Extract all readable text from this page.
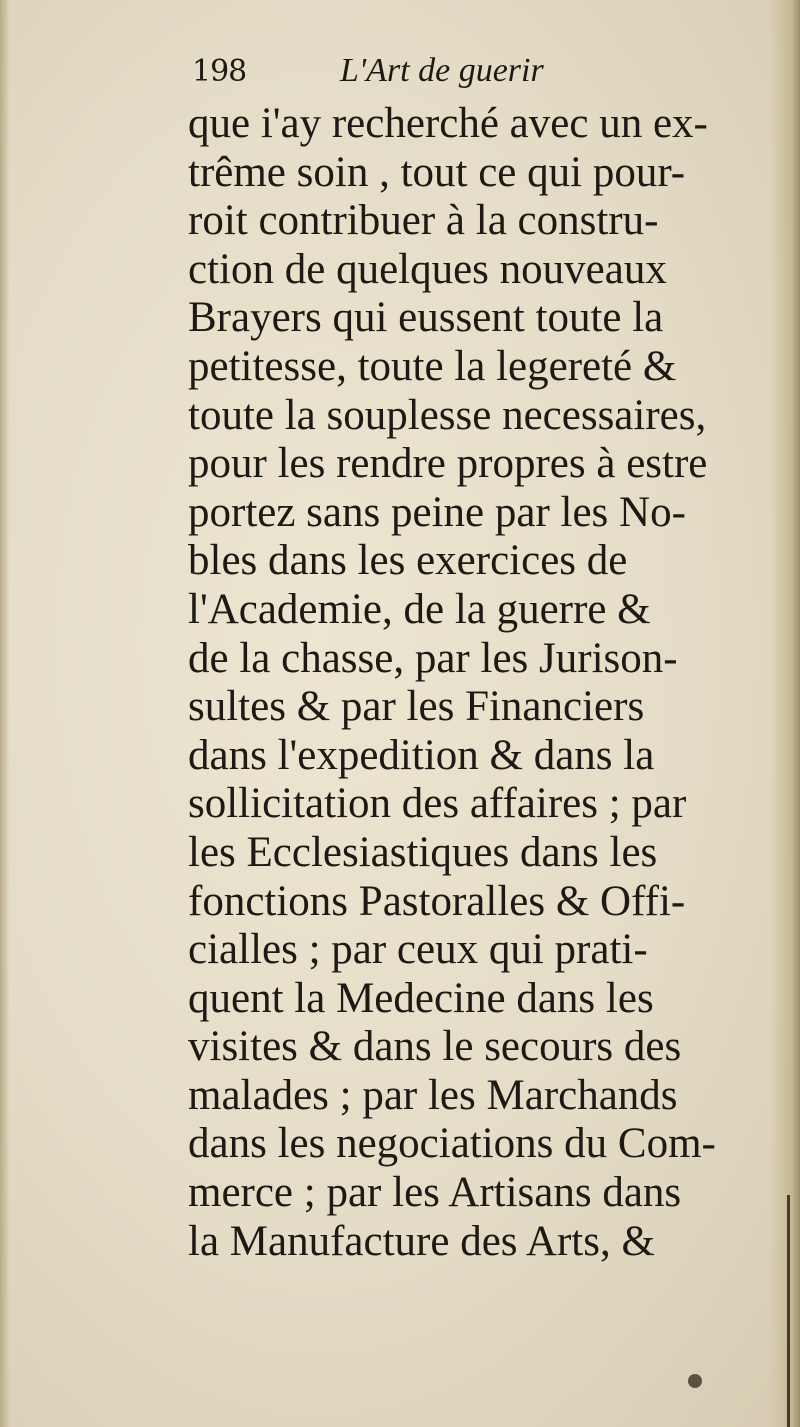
198	L'Art de guerir
que i'ay recherché avec un ex-
trême soin , tout ce qui pour-
roit contribuer à la constru-
ction de quelques nouveaux
Brayers qui eussent toute la
petitesse, toute la legereté &
toute la souplesse necessaires,
pour les rendre propres à estre
portez sans peine par les No-
bles dans les exercices de
l'Academie, de la guerre &
de la chasse, par les Jurison-
sultes & par les Financiers
dans l'expedition & dans la
sollicitation des affaires ; par
les Ecclesiastiques dans les
fonctions Pastoralles & Offi-
cialles ; par ceux qui prati-
quent la Medecine dans les
visites & dans le secours des
malades ; par les Marchands
dans les negociations du Com-
merce ; par les Artisans dans
la Manufacture des Arts, &
